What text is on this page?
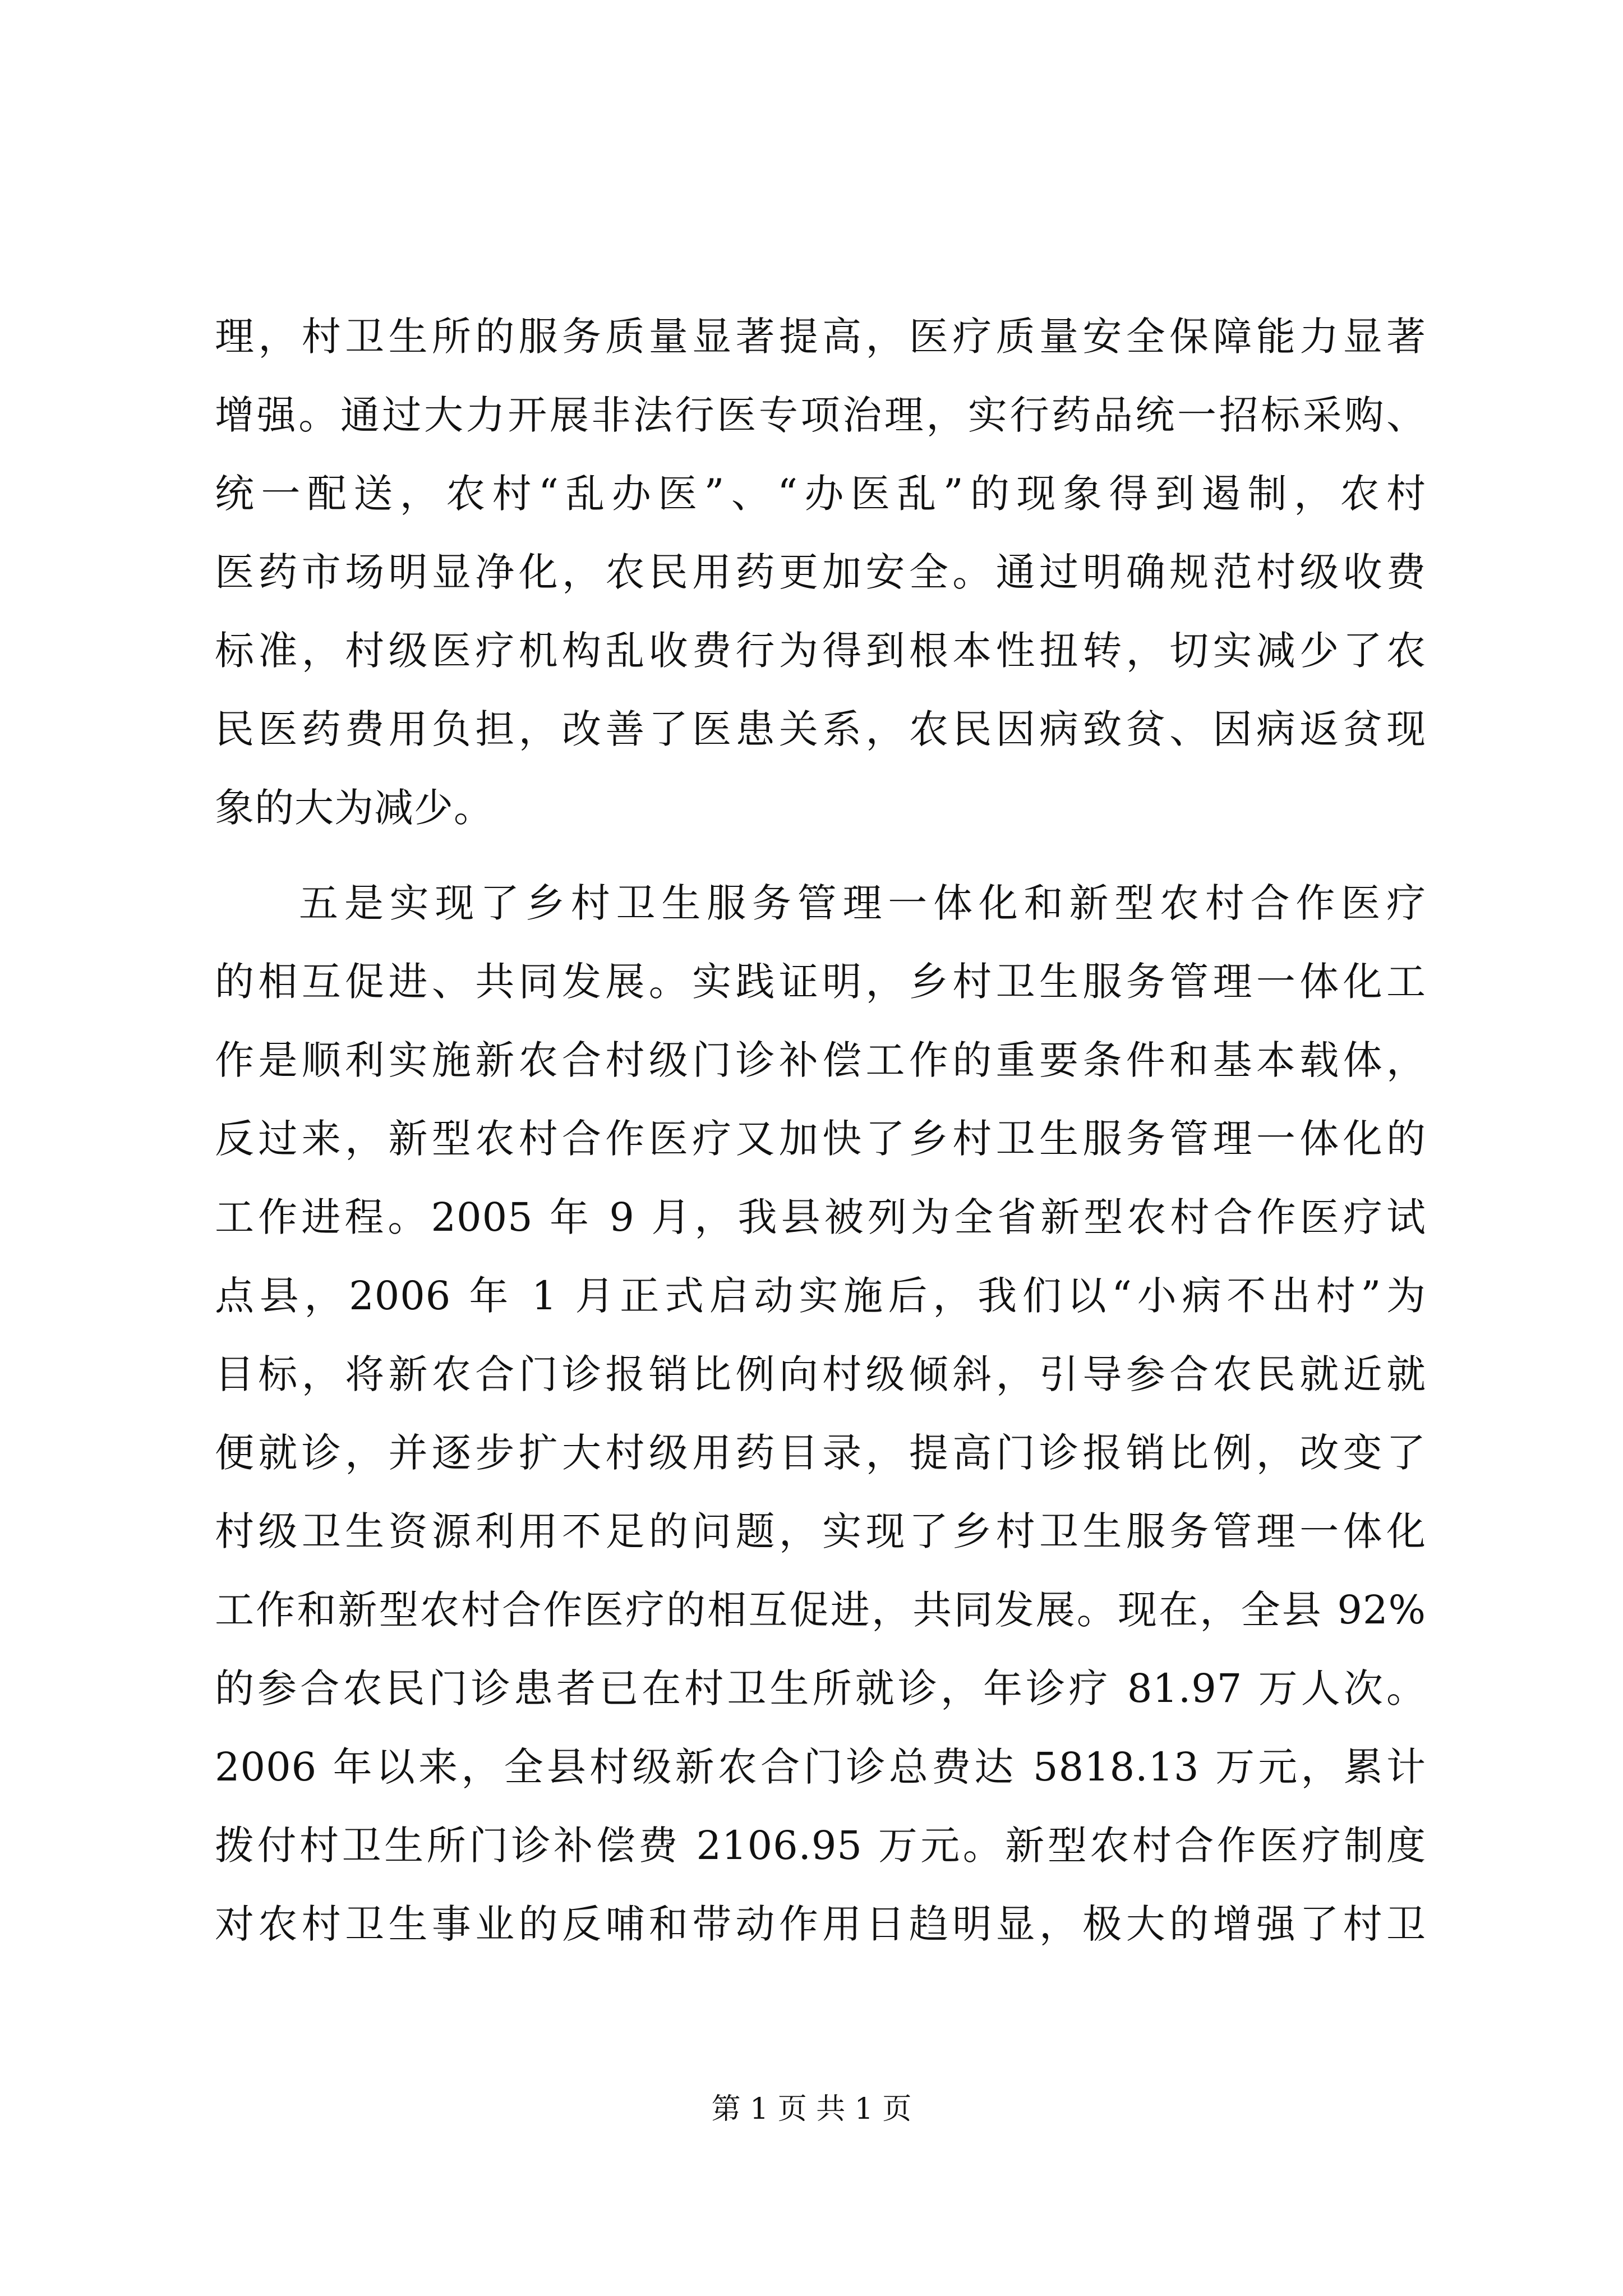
理，村卫生所的服务质量显著提高，医疗质量安全保障能力显著
增强。通过大力开展非法行医专项治理，实行药品统一招标采购、
统一配送，农村“乱办医”、“办医乱”的现象得到遏制，农村
医药市场明显净化，农民用药更加安全。通过明确规范村级收费
标准，村级医疗机构乱收费行为得到根本性扭转，切实减少了农
民医药费用负担，改善了医患关系，农民因病致贫、因病返贫现
象的大为减少。
五是实现了乡村卫生服务管理一体化和新型农村合作医疗
的相互促进、共同发展。实践证明，乡村卫生服务管理一体化工
作是顺利实施新农合村级门诊补偿工作的重要条件和基本载体，
反过来，新型农村合作医疗又加快了乡村卫生服务管理一体化的
工作进程。2005 年 9 月，我县被列为全省新型农村合作医疗试
点县，2006 年 1 月正式启动实施后，我们以“小病不出村”为
目标，将新农合门诊报销比例向村级倾斜，引导参合农民就近就
便就诊，并逐步扩大村级用药目录，提高门诊报销比例，改变了
村级卫生资源利用不足的问题，实现了乡村卫生服务管理一体化
工作和新型农村合作医疗的相互促进，共同发展。现在，全县 92%
的参合农民门诊患者已在村卫生所就诊，年诊疗 81.97 万人次。
2006 年以来，全县村级新农合门诊总费达 5818.13 万元，累计
拨付村卫生所门诊补偿费 2106.95 万元。新型农村合作医疗制度
对农村卫生事业的反哺和带动作用日趋明显，极大的增强了村卫
第 1 页 共 1 页
